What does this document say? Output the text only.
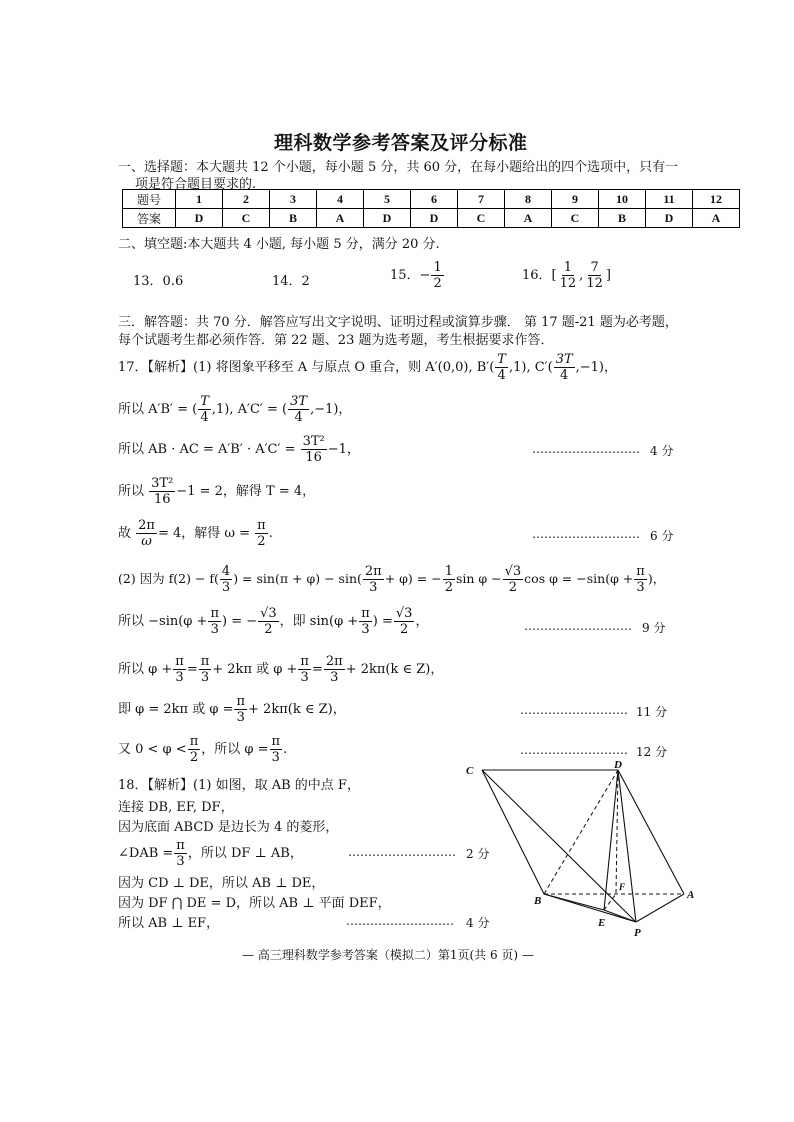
理科数学参考答案及评分标准
一、选择题：本大题共 12 个小题，每小题 5 分，共 60 分，在每小题给出的四个选项中，只有一
项是符合题目要求的.
题号	1	2	3	4	5	6	7	8	9	10	11	12
答案	D	C	B	A	D	D	C	A	C	B	D	A
二、填空题:本大题共 4 小题, 每小题 5 分，满分 20 分.
13．0.6	14．2	15．− $\frac{1}{2}$	16．[ $\frac{1}{12}$ , $\frac{7}{12}$ ]
三．解答题：共 70 分．解答应写出文字说明、证明过程或演算步骤． 第 17 题-21 题为必考题，
每个试题考生都必须作答．第 22 题、23 题为选考题，考生根据要求作答．
17．【解析】(1) 将图象平移至 A 与原点 O 重合，则 A′(0,0), $B'( \frac{T}{4} ,1)$, $C'( \frac{3T}{4} ,-1)$，
所以 A′B′ = ( $\frac{T}{4} ,1$), A′C′ = ( $\frac{3T}{4} ,-1$)，
所以 AB · AC = $A'B' \cdot A'C' = \frac{\text{3T²}}{16} -1$，	……………………… 4 分
所以 $\frac{\text{3T²}}{16} -1 = 2$，解得 T = 4，
故 $\frac{2\pi}{\omega} = 4$，解得 $\omega = \frac{\pi}{2}$ .	……………………… 6 分
(2) 因为 $f(2) - f( \frac{4}{3}$ ) = $\sin(\pi + \varphi) - \sin( \frac{2\pi}{3} + \varphi)$ = − $\frac{1}{2}$ $\sin \varphi - \frac{√3}{2}$ $\cos \varphi = -\sin(\varphi + \frac{\pi}{3}$ )，
所以 $-\sin(\varphi + \frac{\pi}{3}$ ) = − $\frac{√3}{2}$ ，即 $\sin(\varphi + \frac{\pi}{3}$ ) = $\frac{√3}{2}$ ，	……………………… 9 分
所以 $\varphi + \frac{\pi}{3} = \frac{\pi}{3} + 2k\pi$ 或 $\varphi + \frac{\pi}{3} = \frac{2\pi}{3} + 2k\pi(k$ ∈ Z)，
即 φ = 2kπ 或 $\varphi = \frac{\pi}{3} + 2k\pi(k$ ∈ Z)，	……………………… 11 分
又 $0 < \varphi < \frac{\pi}{2}$ ，所以 $\varphi = \frac{\pi}{3}$ .	……………………… 12 分
18．【解析】(1) 如图，取 AB 的中点 F，
连接 DB, EF, DF，
因为底面 ABCD 是边长为 4 的菱形，
∠DAB = $\frac{\pi}{3}$ ，所以 DF ⊥ AB，	……………………… 2 分
因为 CD ⊥ DE，所以 AB ⊥ DE，
因为 DF ⋂ DE = D，所以 AB ⊥ 平面 DEF，
所以 AB ⊥ EF，	……………………… 4 分
C	D
A
B
F
E
P
— 高三理科数学参考答案（模拟二）第1页(共 6 页) —
